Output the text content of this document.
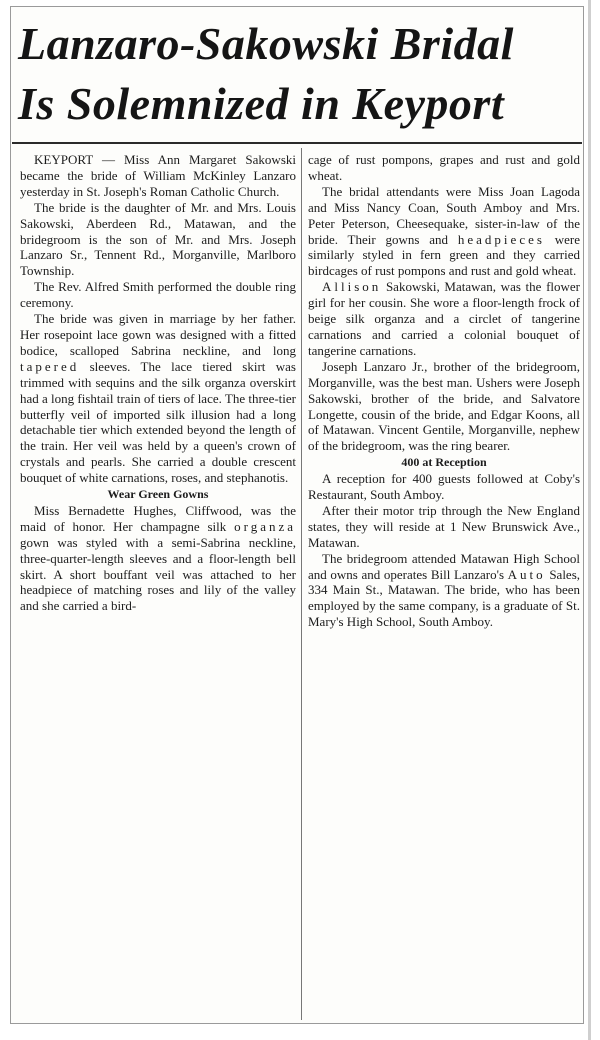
Lanzaro-Sakowski Bridal
Is Solemnized in Keyport

KEYPORT — Miss Ann Margaret Sakowski became the bride of William McKinley Lanzaro yesterday in St. Joseph's Roman Catholic Church.

The bride is the daughter of Mr. and Mrs. Louis Sakowski, Aberdeen Rd., Matawan, and the bridegroom is the son of Mr. and Mrs. Joseph Lanzaro Sr., Tennent Rd., Morganville, Marlboro Township.

The Rev. Alfred Smith performed the double ring ceremony.

The bride was given in marriage by her father. Her rosepoint lace gown was designed with a fitted bodice, scalloped Sabrina neckline, and long tapered sleeves. The lace tiered skirt was trimmed with sequins and the silk organza overskirt had a long fishtail train of tiers of lace. The three-tier butterfly veil of imported silk illusion had a long detachable tier which extended beyond the length of the train. Her veil was held by a queen's crown of crystals and pearls. She carried a double crescent bouquet of white carnations, roses, and stephanotis.

Wear Green Gowns

Miss Bernadette Hughes, Cliffwood, was the maid of honor. Her champagne silk organza gown was styled with a semi-Sabrina neckline, three-quarter-length sleeves and a floor-length bell skirt. A short bouffant veil was attached to her headpiece of matching roses and lily of the valley and she carried a bird-

cage of rust pompons, grapes and rust and gold wheat.

The bridal attendants were Miss Joan Lagoda and Miss Nancy Coan, South Amboy and Mrs. Peter Peterson, Cheesequake, sister-in-law of the bride. Their gowns and headpieces were similarly styled in fern green and they carried birdcages of rust pompons and rust and gold wheat.

Allison Sakowski, Matawan, was the flower girl for her cousin. She wore a floor-length frock of beige silk organza and a circlet of tangerine carnations and carried a colonial bouquet of tangerine carnations.

Joseph Lanzaro Jr., brother of the bridegroom, Morganville, was the best man. Ushers were Joseph Sakowski, brother of the bride, and Salvatore Longette, cousin of the bride, and Edgar Koons, all of Matawan. Vincent Gentile, Morganville, nephew of the bridegroom, was the ring bearer.

400 at Reception

A reception for 400 guests followed at Coby's Restaurant, South Amboy.

After their motor trip through the New England states, they will reside at 1 New Brunswick Ave., Matawan.

The bridegroom attended Matawan High School and owns and operates Bill Lanzaro's Auto Sales, 334 Main St., Matawan. The bride, who has been employed by the same company, is a graduate of St. Mary's High School, South Amboy.
